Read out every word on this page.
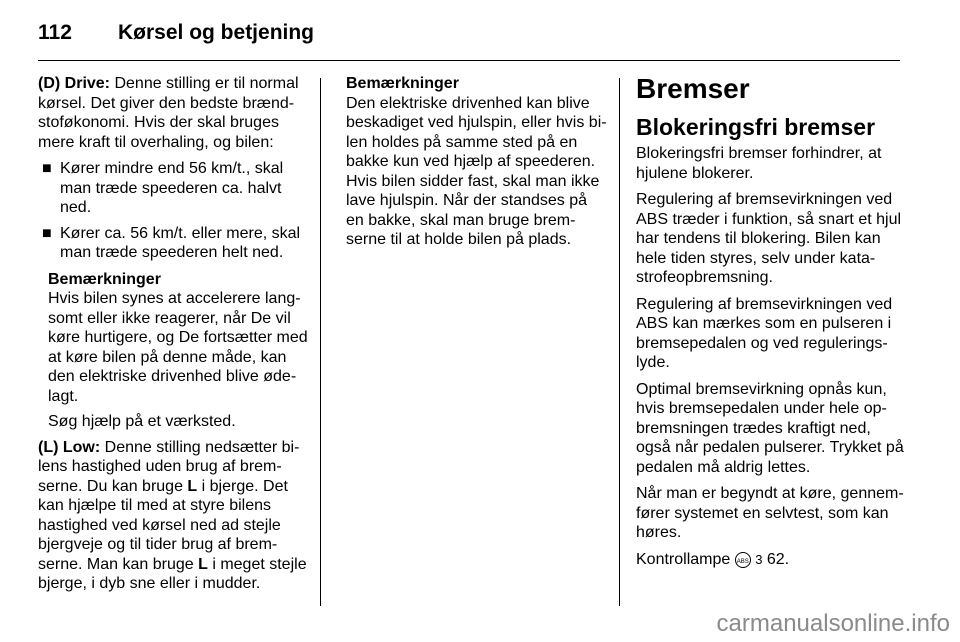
112	Kørsel og betjening

(D) Drive: Denne stilling er til normal kørsel. Det giver den bedste brændstoføkonomi. Hvis der skal bruges mere kraft til overhaling, og bilen:

■ Kører mindre end 56 km/t., skal man træde speederen ca. halvt ned.
■ Kører ca. 56 km/t. eller mere, skal man træde speederen helt ned.

Bemærkninger
Hvis bilen synes at accelerere langsomt eller ikke reagerer, når De vil køre hurtigere, og De fortsætter med at køre bilen på denne måde, kan den elektriske drivenhed blive ødelagt.

Søg hjælp på et værksted.

(L) Low: Denne stilling nedsætter bilens hastighed uden brug af bremserne. Du kan bruge L i bjerge. Det kan hjælpe til med at styre bilens hastighed ved kørsel ned ad stejle bjergveje og til tider brug af bremserne. Man kan bruge L i meget stejle bjerge, i dyb sne eller i mudder.

Bemærkninger
Den elektriske drivenhed kan blive beskadiget ved hjulspin, eller hvis bilen holdes på samme sted på en bakke kun ved hjælp af speederen. Hvis bilen sidder fast, skal man ikke lave hjulspin. Når der standses på en bakke, skal man bruge bremserne til at holde bilen på plads.

Bremser
Blokeringsfri bremser

Blokeringsfri bremser forhindrer, at hjulene blokerer.

Regulering af bremsevirkningen ved ABS træder i funktion, så snart et hjul har tendens til blokering. Bilen kan hele tiden styres, selv under katastrofeopbremsning.

Regulering af bremsevirkningen ved ABS kan mærkes som en pulseren i bremsepedalen og ved reguleringslyde.

Optimal bremsevirkning opnås kun, hvis bremsepedalen under hele opbremsningen trædes kraftigt ned, også når pedalen pulserer. Trykket på pedalen må aldrig lettes.

Når man er begyndt at køre, gennemfører systemet en selvtest, som kan høres.

Kontrollampe ABS 3 62.

carmanualsonline.info
